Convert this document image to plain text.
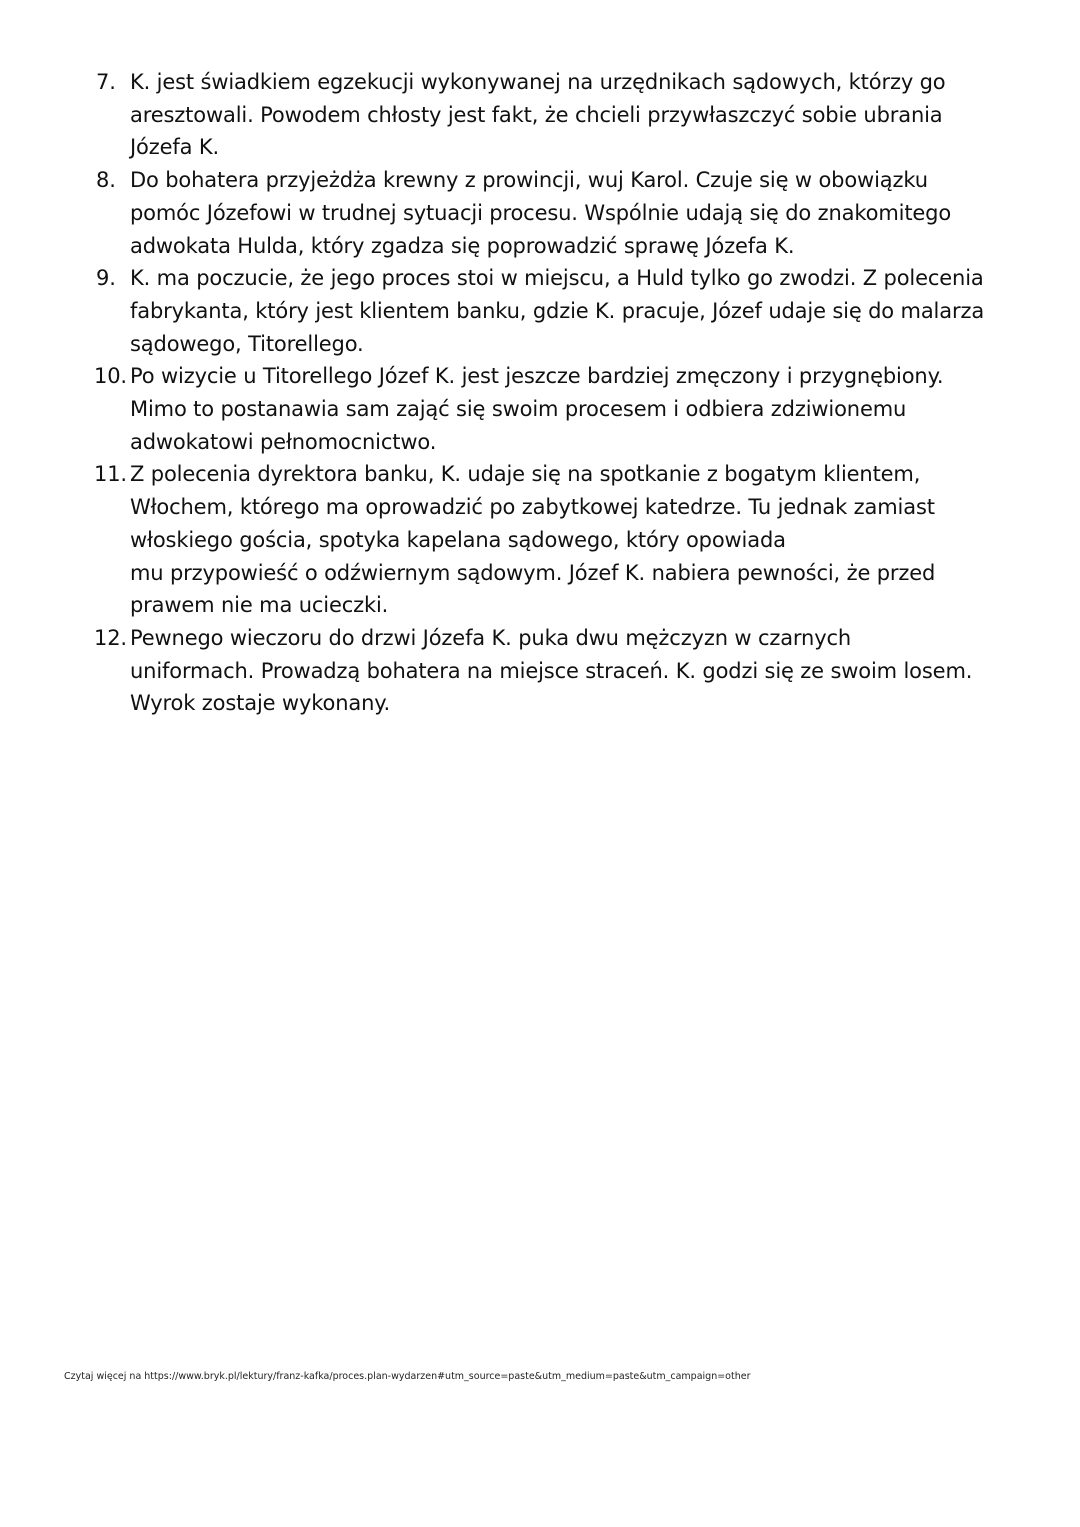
7. K. jest świadkiem egzekucji wykonywanej na urzędnikach sądowych, którzy go
aresztowali. Powodem chłosty jest fakt, że chcieli przywłaszczyć sobie ubrania
Józefa K.
8. Do bohatera przyjeżdża krewny z prowincji, wuj Karol. Czuje się w obowiązku
pomóc Józefowi w trudnej sytuacji procesu. Wspólnie udają się do znakomitego
adwokata Hulda, który zgadza się poprowadzić sprawę Józefa K.
9. K. ma poczucie, że jego proces stoi w miejscu, a Huld tylko go zwodzi. Z polecenia
fabrykanta, który jest klientem banku, gdzie K. pracuje, Józef udaje się do malarza
sądowego, Titorellego.
10. Po wizycie u Titorellego Józef K. jest jeszcze bardziej zmęczony i przygnębiony.
Mimo to postanawia sam zająć się swoim procesem i odbiera zdziwionemu
adwokatowi pełnomocnictwo.
11. Z polecenia dyrektora banku, K. udaje się na spotkanie z bogatym klientem,
Włochem, którego ma oprowadzić po zabytkowej katedrze. Tu jednak zamiast
włoskiego gościa, spotyka kapelana sądowego, który opowiada
mu przypowieść o odźwiernym sądowym. Józef K. nabiera pewności, że przed
prawem nie ma ucieczki.
12. Pewnego wieczoru do drzwi Józefa K. puka dwu mężczyzn w czarnych
uniformach. Prowadzą bohatera na miejsce straceń. K. godzi się ze swoim losem.
Wyrok zostaje wykonany.
Czytaj więcej na https://www.bryk.pl/lektury/franz-kafka/proces.plan-wydarzen#utm_source=paste&utm_medium=paste&utm_campaign=other
